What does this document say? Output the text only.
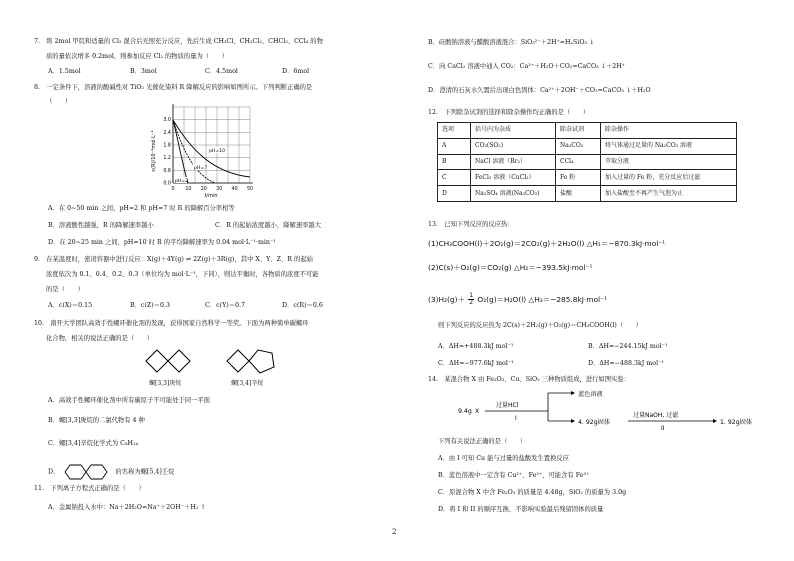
7.　将 2mol 甲烷和适量的 Cl₂ 混合后光照充分反应，先后生成 CH₃Cl、CH₂Cl₂、CHCl₃、CCl₄ 的物
质的量依次增多 0.2mol，则参加反应 Cl₂ 的物质的量为（　　）
A．1.5mol	B．3mol	C．4.5mol	D．6mol
8.　一定条件下，溶液的酸碱性对 TiO₂ 光催化染料 R 降解反应的影响如图所示。下列判断正确的是
（　　）
c(R)/10⁻⁴mol·L⁻¹
0.0
0.6
1.2
1.8
2.4
3.0
0 10 20 30 40 50
t/min
pH=2
pH=7
pH=10
A．在 0~50 min 之间，pH=2 和 pH=7 时 R 的降解百分率相等
B．溶液酸性越强，R 的降解速率越小	C．R 的起始浓度越小，降解速率越大
D．在 20~25 min 之间，pH=10 时 R 的平均降解速率为 0.04 mol·L⁻¹·min⁻¹
9.　在某温度时，密闭容器中进行反应：X(g)＋4Y(g) ⇌ 2Z(g)＋3R(g)，其中 X、Y、Z、R 的起始
浓度依次为 0.1、0.4、0.2、0.3（单位均为 mol·L⁻¹，下同），则达平衡时，各物质的浓度不可能
的是（　　）
A．c(X)＝0.15	B．c(Z)＝0.3	C．c(Y)＝0.7	D．c(R)＝0.6
10.　南开大学团队高效手性螺环催化剂的发现，获得国家自然科学一等奖。下面为两种简单碳螺环
化合物，相关的说法正确的是（　　）
螺[3,3]庚烷	螺[3,4]辛烷
A．高效手性螺环催化剂中所有碳原子不可能处于同一平面
B．螺[3,3]庚烷的二氯代物有 4 种
C．螺[3,4]辛烷化学式为 C₈H₁₄
D．	的名称为螺[5,4]壬烷
11.　下列离子方程式正确的是（　　）
A．金属钠投入水中：Na＋2H₂O=Na⁺＋2OH⁻＋H₂ ↑
B．硅酸钠溶液与醋酸溶液混合：SiO₃²⁻＋2H⁺=H₂SiO₃ ↓
C．向 CaCl₂ 溶液中通入 CO₂：Ca²⁺＋H₂O＋CO₂=CaCO₃ ↓＋2H⁺
D．澄清的石灰水久置后出现白色固体：Ca²⁺＋2OH⁻＋CO₂=CaCO₃ ↓＋H₂O
12.　下列除杂试剂的选择和除杂操作均正确的是（　　）
选项	括号内为杂质	除杂试剂	除杂操作
A	CO₂(SO₂)	Na₂CO₃	将气体通过足量的 Na₂CO₃ 溶液
B	NaCl 溶液（Br₂）	CCl₄	萃取分液
C	FeCl₃ 溶液（CuCl₂）	Fe 粉	加入过量的 Fe 粉，充分反应后过滤
D	Na₂SO₄ 溶液(Na₂CO₃)	盐酸	加入盐酸至不再产生气泡为止
13.　已知下列反应的反应热：
(1)CH₃COOH(l)＋2O₂(g)＝2CO₂(g)＋2H₂O(l) △H₁＝−870.3kJ·mol⁻¹
(2)C(s)＋O₂(g)＝CO₂(g) △H₂＝−393.5kJ·mol⁻¹
$(3)H_2(g)+ \frac{1}{2} O_2(g)=H_2O(l)$ △H₃＝−285.8kJ·mol⁻¹
则下列反应的反应热为 2C(s)＋2H₂(g)＋O₂(g)＝CH₃COOH(l)（　　）
A．ΔH=+488.3kJ mol⁻¹	B．ΔH=−244.15kJ mol⁻¹
C．ΔH=−977.6kJ mol⁻¹	D．ΔH=−488.3kJ mol⁻¹
14.　某混合物 X 由 Fe₂O₃、Cu、SiO₂ 三种物质组成，进行如图实验：
9.4g X
过量HCl
I
蓝色溶液
4. 92g固体
过量NaOH, 过滤
II
1. 92g固体
下列有关说法正确的是（　　）
A．由 I 可知 Cu 能与过量的盐酸发生置换反应
B．蓝色溶液中一定含有 Cu²⁺、Fe²⁺，可能含有 Fe³⁺
C．原混合物 X 中含 Fe₂O₃ 的质量是 4.48g，SiO₂ 的质量为 3.0g
D．将 I 和 II 的顺序互换，不影响实验最后残留固体的质量
2
